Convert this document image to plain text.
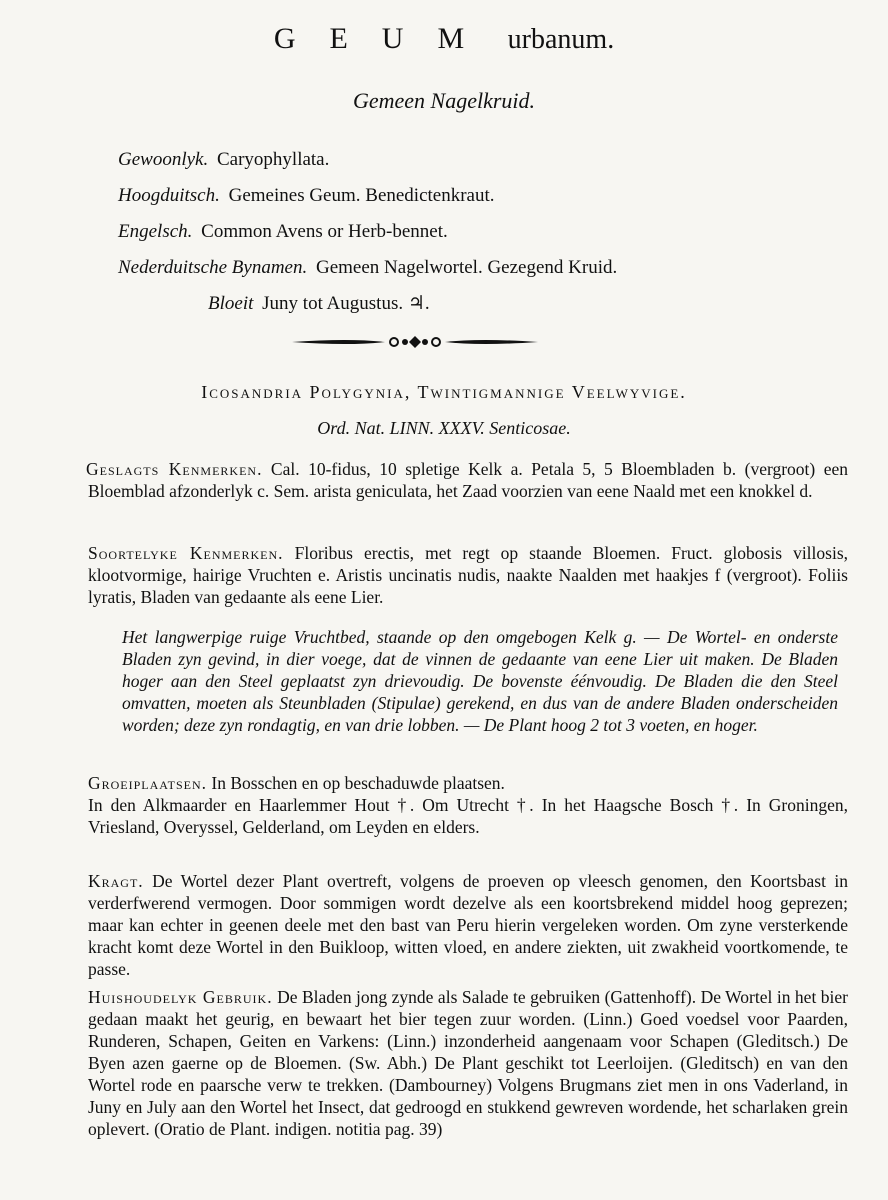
GEUM urbanum.
Gemeen Nagelkruid.
Gewoonlyk. Caryophyllata.
Hoogduitsch. Gemeines Geum. Benedictenkraut.
Engelsch. Common Avens or Herb-bennet.
Nederduitsche Bynamen. Gemeen Nagelwortel. Gezegend Kruid.
Bloeit Juny tot Augustus. ♃.
Icosandria Polygynia, Twintigmannige Veelwyvige.
Ord. Nat. LINN. XXXV. Senticosae.

Geslagts Kenmerken. Cal. 10-fidus, 10 spletige Kelk a. Petala 5, 5 Bloembladen b. (vergroot) een Bloemblad afzonderlyk c. Sem. arista geniculata, het Zaad voorzien van eene Naald met een knokkel d.

Soortelyke Kenmerken. Floribus erectis, met regt op staande Bloemen. Fruct. globosis villosis, klootvormige, hairige Vruchten e. Aristis uncinatis nudis, naakte Naalden met haakjes f (vergroot). Foliis lyratis, Bladen van gedaante als eene Lier.

Het langwerpige ruige Vruchtbed, staande op den omgebogen Kelk g. — De Wortel- en onderste Bladen zyn gevind, in dier voege, dat de vinnen de gedaante van eene Lier uit maken. De Bladen hoger aan den Steel geplaatst zyn drievoudig. De bovenste éénvoudig. De Bladen die den Steel omvatten, moeten als Steunbladen (Stipulae) gerekend, en dus van de andere Bladen onderscheiden worden; deze zyn rondagtig, en van drie lobben. — De Plant hoog 2 tot 3 voeten, en hoger.

Groeiplaatsen. In Bosschen en op beschaduwde plaatsen.

In den Alkmaarder en Haarlemmer Hout †. Om Utrecht †. In het Haagsche Bosch †. In Groningen, Vriesland, Overyssel, Gelderland, om Leyden en elders.

Kragt. De Wortel dezer Plant overtreft, volgens de proeven op vleesch genomen, den Koortsbast in verderfwerend vermogen. Door sommigen wordt dezelve als een koortsbrekend middel hoog geprezen; maar kan echter in geenen deele met den bast van Peru hierin vergeleken worden. Om zyne versterkende kracht komt deze Wortel in den Buikloop, witten vloed, en andere ziekten, uit zwakheid voortkomende, te passe.

Huishoudelyk Gebruik. De Bladen jong zynde als Salade te gebruiken (Gattenhoff). De Wortel in het bier gedaan maakt het geurig, en bewaart het bier tegen zuur worden. (Linn.) Goed voedsel voor Paarden, Runderen, Schapen, Geiten en Varkens: (Linn.) inzonderheid aangenaam voor Schapen (Gleditsch.) De Byen azen gaerne op de Bloemen. (Sw. Abh.) De Plant geschikt tot Leerloijen. (Gleditsch) en van den Wortel rode en paarsche verw te trekken. (Dambourney) Volgens Brugmans ziet men in ons Vaderland, in Juny en July aan den Wortel het Insect, dat gedroogd en stukkend gewreven wordende, het scharlaken grein oplevert. (Oratio de Plant. indigen. notitia pag. 39)
